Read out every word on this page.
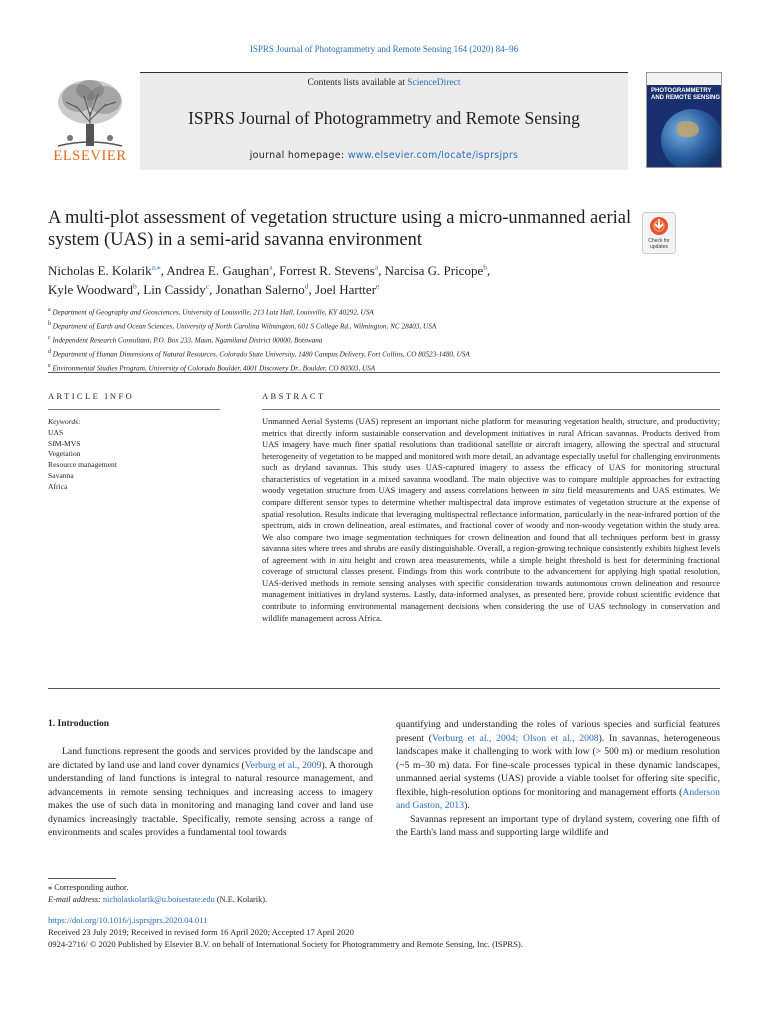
ISPRS Journal of Photogrammetry and Remote Sensing 164 (2020) 84–96
Contents lists available at ScienceDirect
ISPRS Journal of Photogrammetry and Remote Sensing
journal homepage: www.elsevier.com/locate/isprsjprs
ELSEVIER
PHOTOGRAMMETRY
AND REMOTE SENSING
A multi-plot assessment of vegetation structure using a micro-unmanned aerial system (UAS) in a semi-arid savanna environment	Check for
updates
Nicholas E. Kolarik$^{a,⁎}$, Andrea E. Gaughan$^a$, Forrest R. Stevens$^a$, Narcisa G. Pricope$^b$,
Kyle Woodward$^b$, Lin Cassidy$^c$, Jonathan Salerno$^d$, Joel Hartter$^e$
$^a$ Department of Geography and Geosciences, University of Louisville, 213 Lutz Hall, Louisville, KY 40292, USA
$^b$ Department of Earth and Ocean Sciences, University of North Carolina Wilmington, 601 S College Rd., Wilmington, NC 28403, USA
$^c$ Independent Research Consultant, P.O. Box 233, Maun, Ngamiland District 00000, Botswana
$^d$ Department of Human Dimensions of Natural Resources, Colorado State University, 1480 Campus Delivery, Fort Collins, CO 80523-1480, USA
$^e$ Environmental Studies Program, University of Colorado Boulder, 4001 Discovery Dr., Boulder, CO 80303, USA
ARTICLE INFO	ABSTRACT
Keywords:
UAS
SfM-MVS
Vegetation
Resource management
Savanna
Africa
Unmanned Aerial Systems (UAS) represent an important niche platform for measuring vegetation health, structure, and productivity; metrics that directly inform sustainable conservation and development initiatives in rural African savannas. Products derived from UAS imagery have much finer spatial resolutions than traditional satellite or aircraft imagery, allowing the spectral and structural heterogeneity of vegetation to be mapped and monitored with more detail, an advantage especially useful for challenging environments such as dryland savannas. This study uses UAS-captured imagery to assess the efficacy of UAS for monitoring structural characteristics of vegetation in a mixed savanna woodland. The main objective was to compare multiple approaches for extracting woody vegetation structure from UAS imagery and assess correlations between in situ field measurements and UAS estimates. We compare different sensor types to determine whether multispectral data improve estimates of vegetation structure at the expense of spatial resolution. Results indicate that leveraging multispectral reflectance information, particularly in the near-infrared portion of the spectrum, aids in crown delineation, areal estimates, and fractional cover of woody and non-woody vegetation within the study area. We also compare two image segmentation techniques for crown delineation and found that all techniques perform best in grassy savanna sites where trees and shrubs are easily distinguishable. Overall, a region-growing technique consistently exhibits highest levels of agreement with in situ height and crown area measurements, while a simple height threshold is best for determining fractional coverage of structural classes present. Findings from this work contribute to the advancement for applying high spatial resolution, UAS-derived methods in remote sensing analyses with specific consideration towards autonomous crown delineation and resource management initiatives in dryland systems. Lastly, data-informed analyses, as presented here, provide robust scientific evidence that contribute to informing environmental management decisions when considering the use of UAS technology in conservation and wildlife management across Africa.
1. Introduction
Land functions represent the goods and services provided by the landscape and are dictated by land use and land cover dynamics (Verburg et al., 2009). A thorough understanding of land functions is integral to natural resource management, and advancements in remote sensing techniques and increasing access to imagery makes the use of such data in monitoring and managing land cover and land use dynamics increasingly tractable. Specifically, remote sensing across a range of environments and scales provides a fundamental tool towards
quantifying and understanding the roles of various species and surficial features present (Verburg et al., 2004; Olson et al., 2008). In savannas, heterogeneous landscapes make it challenging to work with low (> 500 m) or medium resolution (~5 m–30 m) data. For fine-scale processes typical in these dynamic landscapes, unmanned aerial systems (UAS) provide a viable toolset for offering site specific, flexible, high-resolution options for monitoring and management efforts (Anderson and Gaston, 2013).
Savannas represent an important type of dryland system, covering one fifth of the Earth's land mass and supporting large wildlife and
⁎ Corresponding author.
E-mail address: nicholaskolarik@u.boisestate.edu (N.E. Kolarik).
https://doi.org/10.1016/j.isprsjprs.2020.04.011
Received 23 July 2019; Received in revised form 16 April 2020; Accepted 17 April 2020
0924-2716/ © 2020 Published by Elsevier B.V. on behalf of International Society for Photogrammetry and Remote Sensing, Inc. (ISPRS).
